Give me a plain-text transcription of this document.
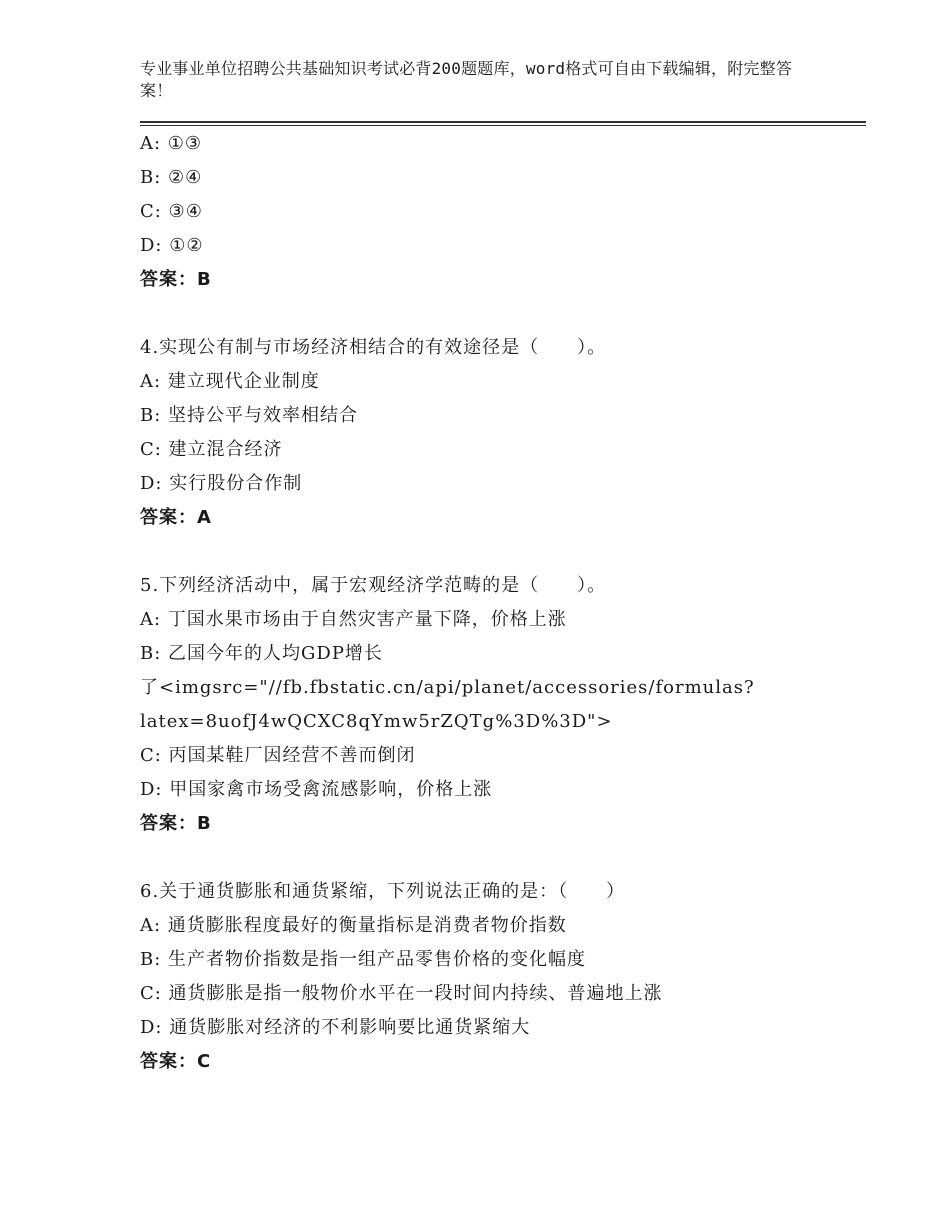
专业事业单位招聘公共基础知识考试必背200题题库，word格式可自由下载编辑，附完整答案！
A: ①③
B: ②④
C: ③④
D: ①②
答案：B
4.实现公有制与市场经济相结合的有效途径是（　　）。
A: 建立现代企业制度
B: 坚持公平与效率相结合
C: 建立混合经济
D: 实行股份合作制
答案：A
5.下列经济活动中，属于宏观经济学范畴的是（　　）。
A: 丁国水果市场由于自然灾害产量下降，价格上涨
B: 乙国今年的人均GDP增长
了<imgsrc="//fb.fbstatic.cn/api/planet/accessories/formulas?
latex=8uofJ4wQCXC8qYmw5rZQTg%3D%3D">
C: 丙国某鞋厂因经营不善而倒闭
D: 甲国家禽市场受禽流感影响，价格上涨
答案：B
6.关于通货膨胀和通货紧缩，下列说法正确的是：（　　）
A: 通货膨胀程度最好的衡量指标是消费者物价指数
B: 生产者物价指数是指一组产品零售价格的变化幅度
C: 通货膨胀是指一般物价水平在一段时间内持续、普遍地上涨
D: 通货膨胀对经济的不利影响要比通货紧缩大
答案：C
